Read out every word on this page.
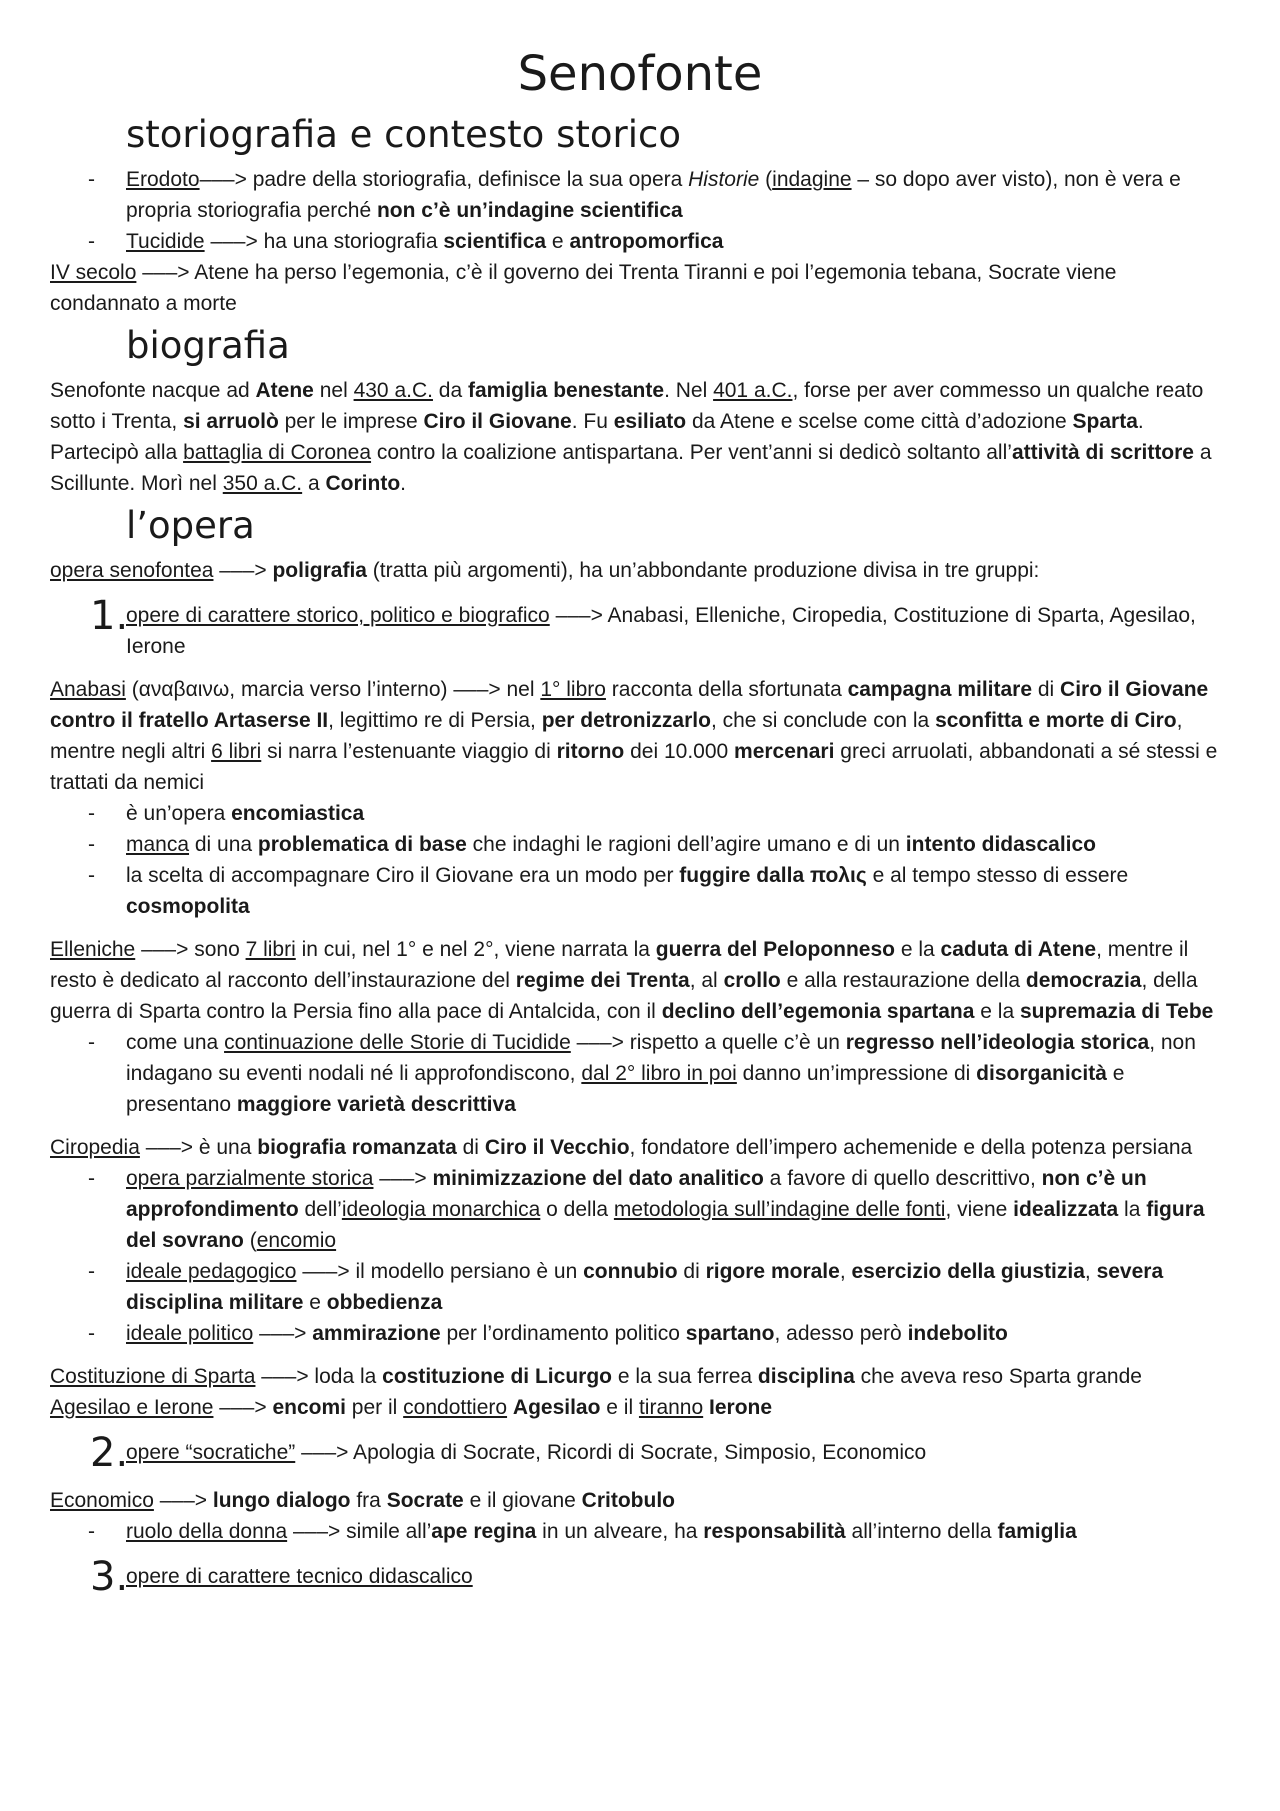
Senofonte
storiografia e contesto storico
- Erodoto–––> padre della storiografia, definisce la sua opera Historie (indagine – so dopo aver visto), non è vera e propria storiografia perché non c’è un’indagine scientifica
- Tucidide –––> ha una storiografia scientifica e antropomorfica

IV secolo –––> Atene ha perso l’egemonia, c’è il governo dei Trenta Tiranni e poi l’egemonia tebana, Socrate viene condannato a morte

biografia

Senofonte nacque ad Atene nel 430 a.C. da famiglia benestante. Nel 401 a.C., forse per aver commesso un qualche reato sotto i Trenta, si arruolò per le imprese Ciro il Giovane. Fu esiliato da Atene e scelse come città d’adozione Sparta. Partecipò alla battaglia di Coronea contro la coalizione antispartana. Per vent’anni si dedicò soltanto all’attività di scrittore a Scillunte. Morì nel 350 a.C. a Corinto.

l’opera

opera senofontea –––> poligrafia (tratta più argomenti), ha un’abbondante produzione divisa in tre gruppi:

1.
opere di carattere storico, politico e biografico –––> Anabasi, Elleniche, Ciropedia, Costituzione di Sparta, Agesilao, Ierone

Anabasi (αναβαινω, marcia verso l’interno) –––> nel 1° libro racconta della sfortunata campagna militare di Ciro il Giovane contro il fratello Artaserse II, legittimo re di Persia, per detronizzarlo, che si conclude con la sconfitta e morte di Ciro, mentre negli altri 6 libri si narra l’estenuante viaggio di ritorno dei 10.000 mercenari greci arruolati, abbandonati a sé stessi e trattati da nemici

- è un’opera encomiastica
- manca di una problematica di base che indaghi le ragioni dell’agire umano e di un intento didascalico
- la scelta di accompagnare Ciro il Giovane era un modo per fuggire dalla πολις e al tempo stesso di essere cosmopolita

Elleniche –––> sono 7 libri in cui, nel 1° e nel 2°, viene narrata la guerra del Peloponneso e la caduta di Atene, mentre il resto è dedicato al racconto dell’instaurazione del regime dei Trenta, al crollo e alla restaurazione della democrazia, della guerra di Sparta contro la Persia fino alla pace di Antalcida, con il declino dell’egemonia spartana e la supremazia di Tebe

- come una continuazione delle Storie di Tucidide –––> rispetto a quelle c’è un regresso nell’ideologia storica, non indagano su eventi nodali né li approfondiscono, dal 2° libro in poi danno un’impressione di disorganicità e presentano maggiore varietà descrittiva

Ciropedia –––> è una biografia romanzata di Ciro il Vecchio, fondatore dell’impero achemenide e della potenza persiana

- opera parzialmente storica –––> minimizzazione del dato analitico a favore di quello descrittivo, non c’è un approfondimento dell’ideologia monarchica o della metodologia sull’indagine delle fonti, viene idealizzata la figura del sovrano (encomio
- ideale pedagogico –––> il modello persiano è un connubio di rigore morale, esercizio della giustizia, severa disciplina militare e obbedienza
- ideale politico –––> ammirazione per l’ordinamento politico spartano, adesso però indebolito

Costituzione di Sparta –––> loda la costituzione di Licurgo e la sua ferrea disciplina che aveva reso Sparta grande

Agesilao e Ierone –––> encomi per il condottiero Agesilao e il tiranno Ierone

2.
opere “socratiche” –––> Apologia di Socrate, Ricordi di Socrate, Simposio, Economico

Economico –––> lungo dialogo fra Socrate e il giovane Critobulo

- ruolo della donna –––> simile all’ape regina in un alveare, ha responsabilità all’interno della famiglia
3.
opere di carattere tecnico didascalico
